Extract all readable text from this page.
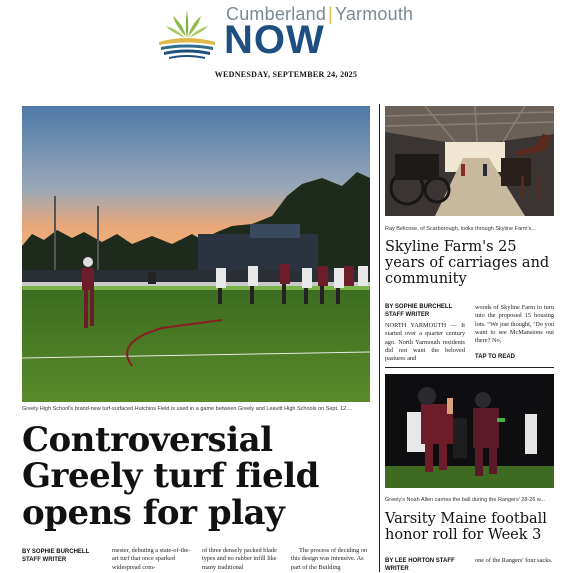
Cumberland | Yarmouth
NOW
WEDNESDAY, SEPTEMBER 24, 2025
Greely High School's brand-new turf-surfaced Hutchins Field is used in a game between Greely and Leavitt High Schools on Sept. 12....
Controversial Greely turf field opens for play
BY SOPHIE BURCHELL
STAFF WRITER

mester, debuting a state-of-the-art turf that once sparked widespread com-

of three densely packed blade types and no rubber infill like many traditional

The process of deciding on this design was intensive. As part of the Building

Ray Belicose, of Scarborough, looks through Skyline Farm's...
Skyline Farm's 25 years of carriages and community
BY SOPHIE BURCHELL
STAFF WRITER

NORTH YARMOUTH — It started over a quarter century ago. North Yarmouth residents did not want the beloved pastures and

woods of Skyline Farm to turn into the proposed 15 housing lots. “We just thought, ‘Do you want to see McMansions out there? No,

TAP TO READ
Greely's Noah Allen carries the ball during the Rangers' 28-26 w...
Varsity Maine football honor roll for Week 3
BY LEE HORTON STAFF
WRITER

one of the Rangers' four sacks.
